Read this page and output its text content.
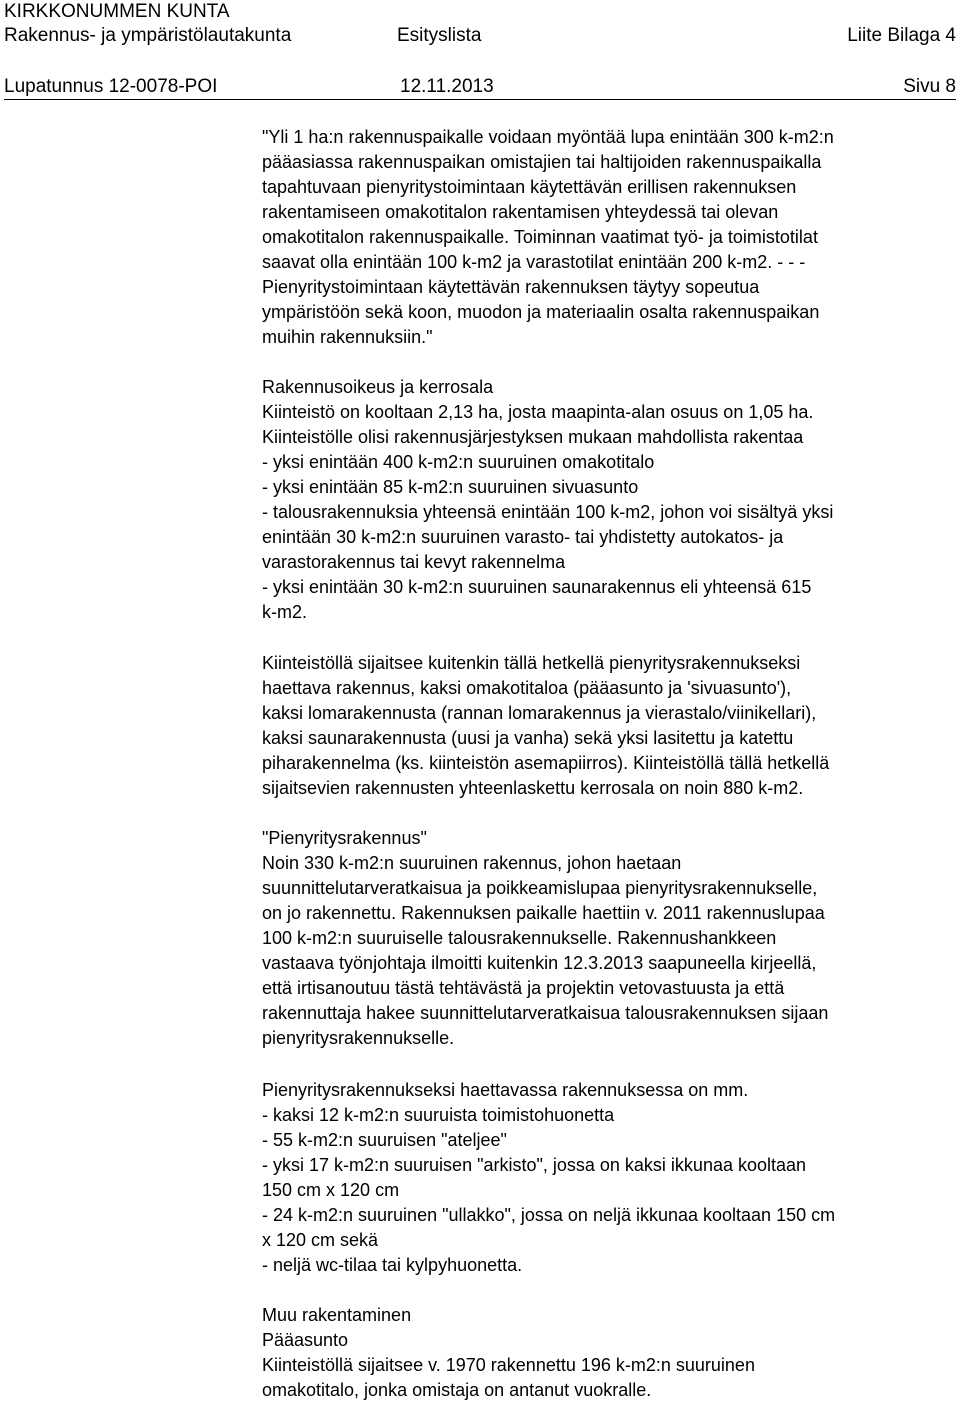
KIRKKONUMMEN KUNTA
Rakennus- ja ympäristölautakunta	Esityslista	Liite Bilaga 4
Lupatunnus 12-0078-POI	12.11.2013	Sivu 8
"Yli 1 ha:n rakennuspaikalle voidaan myöntää lupa enintään 300 k-m2:n
pääasiassa rakennuspaikan omistajien tai haltijoiden rakennuspaikalla
tapahtuvaan pienyritystoimintaan käytettävän erillisen rakennuksen
rakentamiseen omakotitalon rakentamisen yhteydessä tai olevan
omakotitalon rakennuspaikalle. Toiminnan vaatimat työ- ja toimistotilat
saavat olla enintään 100 k-m2 ja varastotilat enintään 200 k-m2. - - -
Pienyritystoimintaan käytettävän rakennuksen täytyy sopeutua
ympäristöön sekä koon, muodon ja materiaalin osalta rakennuspaikan
muihin rakennuksiin."
Rakennusoikeus ja kerrosala
Kiinteistö on kooltaan 2,13 ha, josta maapinta-alan osuus on 1,05 ha.
Kiinteistölle olisi rakennusjärjestyksen mukaan mahdollista rakentaa
- yksi enintään 400 k-m2:n suuruinen omakotitalo
- yksi enintään 85 k-m2:n suuruinen sivuasunto
- talousrakennuksia yhteensä enintään 100 k-m2, johon voi sisältyä yksi
enintään 30 k-m2:n suuruinen varasto- tai yhdistetty autokatos- ja
varastorakennus tai kevyt rakennelma
- yksi enintään 30 k-m2:n suuruinen saunarakennus eli yhteensä 615
k-m2.
Kiinteistöllä sijaitsee kuitenkin tällä hetkellä pienyritysrakennukseksi
haettava rakennus, kaksi omakotitaloa (pääasunto ja 'sivuasunto'),
kaksi lomarakennusta (rannan lomarakennus ja vierastalo/viinikellari),
kaksi saunarakennusta (uusi ja vanha) sekä yksi lasitettu ja katettu
piharakennelma (ks. kiinteistön asemapiirros). Kiinteistöllä tällä hetkellä
sijaitsevien rakennusten yhteenlaskettu kerrosala on noin 880 k-m2.
"Pienyritysrakennus"
Noin 330 k-m2:n suuruinen rakennus, johon haetaan
suunnittelutarveratkaisua ja poikkeamislupaa pienyritysrakennukselle,
on jo rakennettu. Rakennuksen paikalle haettiin v. 2011 rakennuslupaa
100 k-m2:n suuruiselle talousrakennukselle. Rakennushankkeen
vastaava työnjohtaja ilmoitti kuitenkin 12.3.2013 saapuneella kirjeellä,
että irtisanoutuu tästä tehtävästä ja projektin vetovastuusta ja että
rakennuttaja hakee suunnittelutarveratkaisua talousrakennuksen sijaan
pienyritysrakennukselle.
Pienyritysrakennukseksi haettavassa rakennuksessa on mm.
- kaksi 12 k-m2:n suuruista toimistohuonetta
- 55 k-m2:n suuruisen "ateljee"
- yksi 17 k-m2:n suuruisen "arkisto", jossa on kaksi ikkunaa kooltaan
150 cm x 120 cm
- 24 k-m2:n suuruinen "ullakko", jossa on neljä ikkunaa kooltaan 150 cm
x 120 cm sekä
- neljä wc-tilaa tai kylpyhuonetta.
Muu rakentaminen
Pääasunto
Kiinteistöllä sijaitsee v. 1970 rakennettu 196 k-m2:n suuruinen
omakotitalo, jonka omistaja on antanut vuokralle.
